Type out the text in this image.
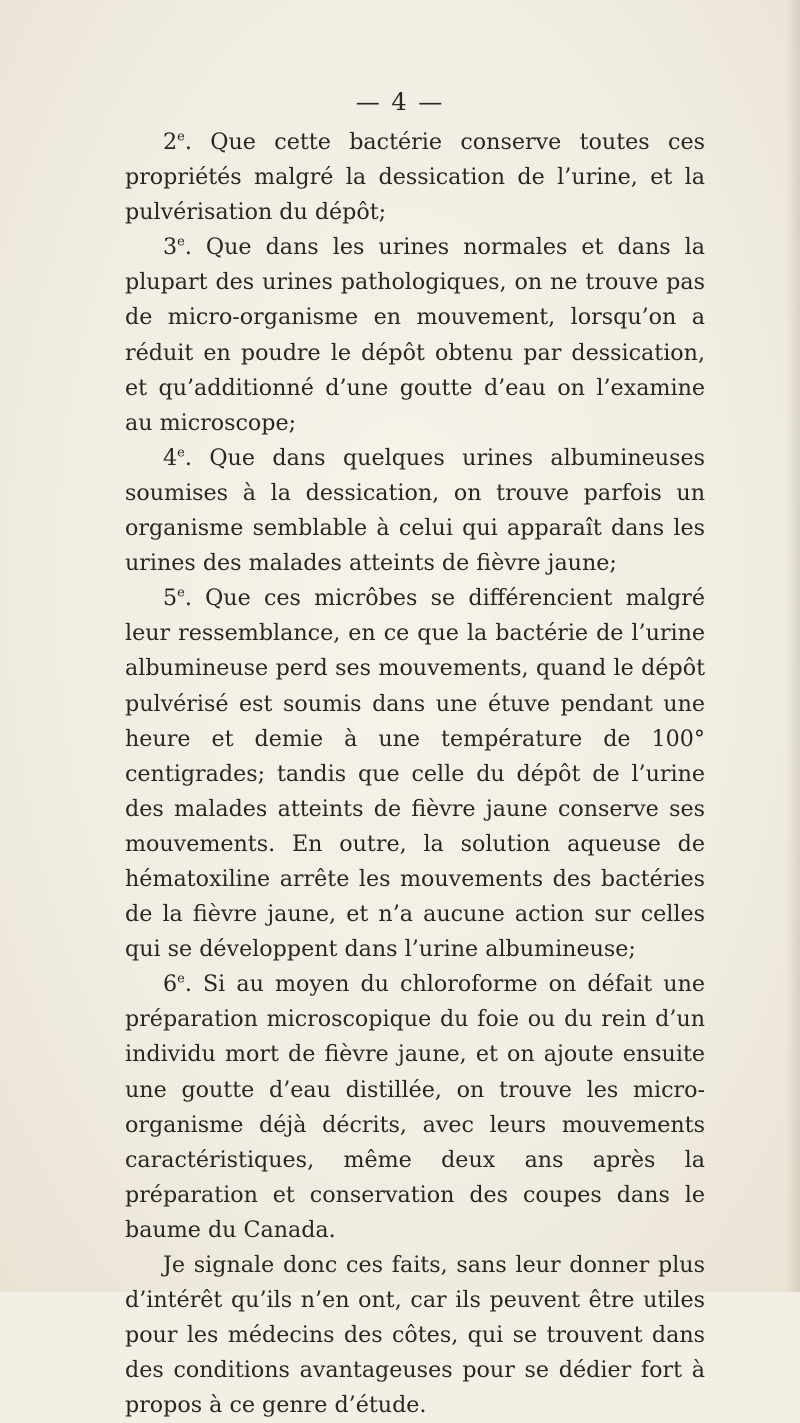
— 4 —

2e. Que cette bactérie conserve toutes ces propriétés malgré la dessication de l’urine, et la pulvérisation du dépôt;

3e. Que dans les urines normales et dans la plupart des urines pathologiques, on ne trouve pas de micro-organisme en mouvement, lorsqu’on a réduit en poudre le dépôt obtenu par dessication, et qu’additionné d’une goutte d’eau on l’examine au microscope;

4e. Que dans quelques urines albumineuses soumises à la dessication, on trouve parfois un organisme semblable à celui qui apparaît dans les urines des malades atteints de fièvre jaune;

5e. Que ces micrôbes se différencient malgré leur ressemblance, en ce que la bactérie de l’urine albumineuse perd ses mouvements, quand le dépôt pulvérisé est soumis dans une étuve pendant une heure et demie à une température de 100° centigrades; tandis que celle du dépôt de l’urine des malades atteints de fièvre jaune conserve ses mouvements. En outre, la solution aqueuse de hématoxiline arrête les mouvements des bactéries de la fièvre jaune, et n’a aucune action sur celles qui se développent dans l’urine albumineuse;

6e. Si au moyen du chloroforme on défait une préparation microscopique du foie ou du rein d’un individu mort de fièvre jaune, et on ajoute ensuite une goutte d’eau distillée, on trouve les micro-organisme déjà décrits, avec leurs mouvements caractéristiques, même deux ans après la préparation et conservation des coupes dans le baume du Canada.

Je signale donc ces faits, sans leur donner plus d’intérêt qu’ils n’en ont, car ils peuvent être utiles pour les médecins des côtes, qui se trouvent dans des conditions avantageuses pour se dédier fort à propos à ce genre d’étude.
